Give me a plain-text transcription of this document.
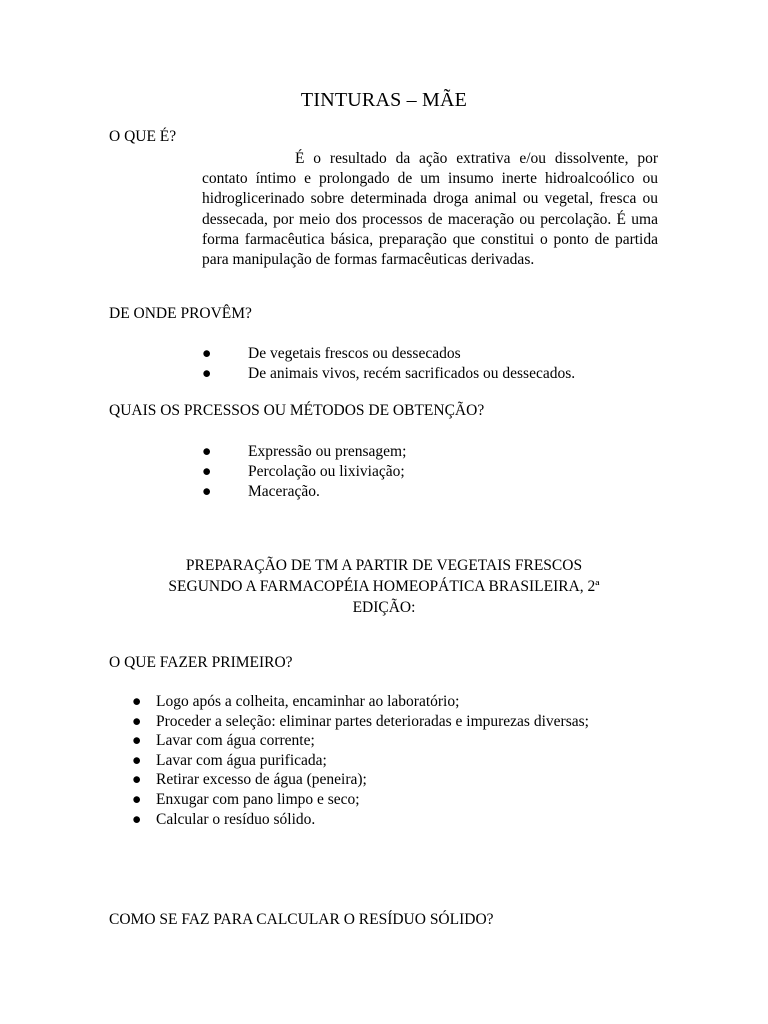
TINTURAS – MÃE
O QUE É?
É o resultado da ação extrativa e/ou dissolvente, por contato íntimo e prolongado de um insumo inerte hidroalcoólico ou hidroglicerinado sobre determinada droga animal ou vegetal, fresca ou dessecada, por meio dos processos de maceração ou percolação. É uma forma farmacêutica básica, preparação que constitui o ponto de partida para manipulação de formas farmacêuticas derivadas.
DE ONDE PROVÊM?
● De vegetais frescos ou dessecados
● De animais vivos, recém sacrificados ou dessecados.
QUAIS OS PRCESSOS OU MÉTODOS DE OBTENÇÃO?
● Expressão ou prensagem;
● Percolação ou lixiviação;
● Maceração.
PREPARAÇÃO DE TM A PARTIR DE VEGETAIS FRESCOS
SEGUNDO A FARMACOPÉIA HOMEOPÁTICA BRASILEIRA, 2ª
EDIÇÃO:
O QUE FAZER PRIMEIRO?
● Logo após a colheita, encaminhar ao laboratório;
● Proceder a seleção: eliminar partes deterioradas e impurezas diversas;
● Lavar com água corrente;
● Lavar com água purificada;
● Retirar excesso de água (peneira);
● Enxugar com pano limpo e seco;
● Calcular o resíduo sólido.
COMO SE FAZ PARA CALCULAR O RESÍDUO SÓLIDO?
